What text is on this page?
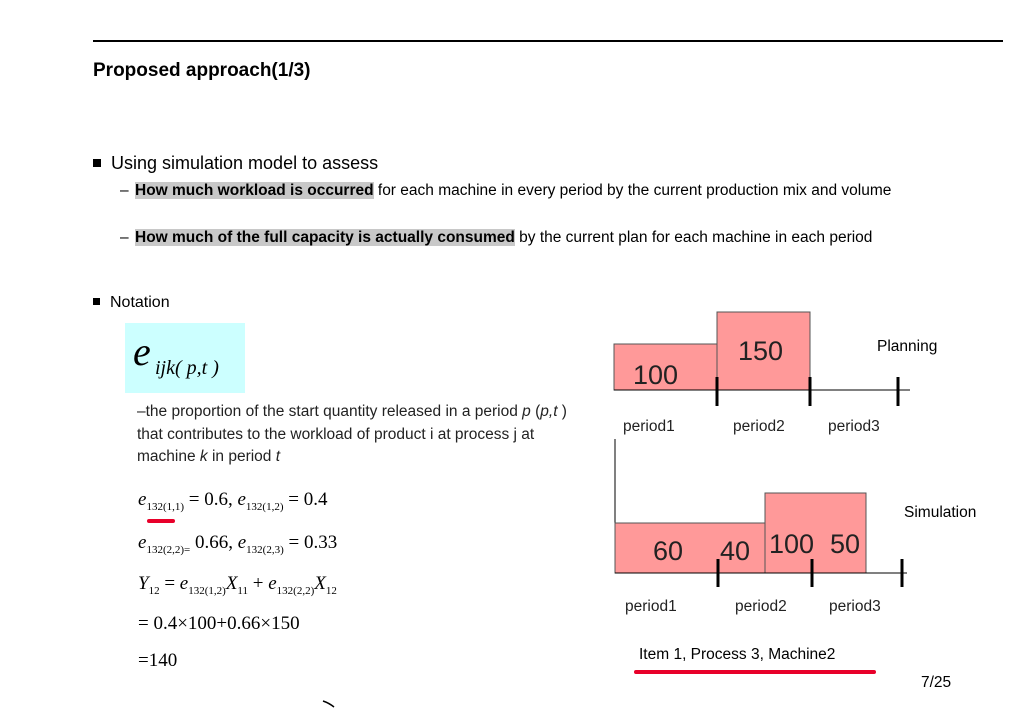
Proposed approach(1/3)
Using simulation model to assess
– How much workload is occurred for each machine in every period by the current production mix and volume
– How much of the full capacity is actually consumed by the current plan for each machine in each period
Notation
e ijk( p,t )
–the proportion of the start quantity released in a period p (p,t ) that contributes to the workload of product i at process j at machine k in period t
$e_{132(1,1)} = 0.6$, $e_{132(1,2)} = 0.4$
$e_{132(2,2)=}$ 0.66, $e_{132(2,3)} = 0.33$
$Y_{12} = e_{132(1,2)}X_{11} + e_{132(2,2)}X_{12}$
= 0.4×100+0.66×150
=140
100
150	Planning
period1	period2	period3
60 40 100 50
Simulation
period1	period2	period3
Item 1, Process 3, Machine2
7/25
